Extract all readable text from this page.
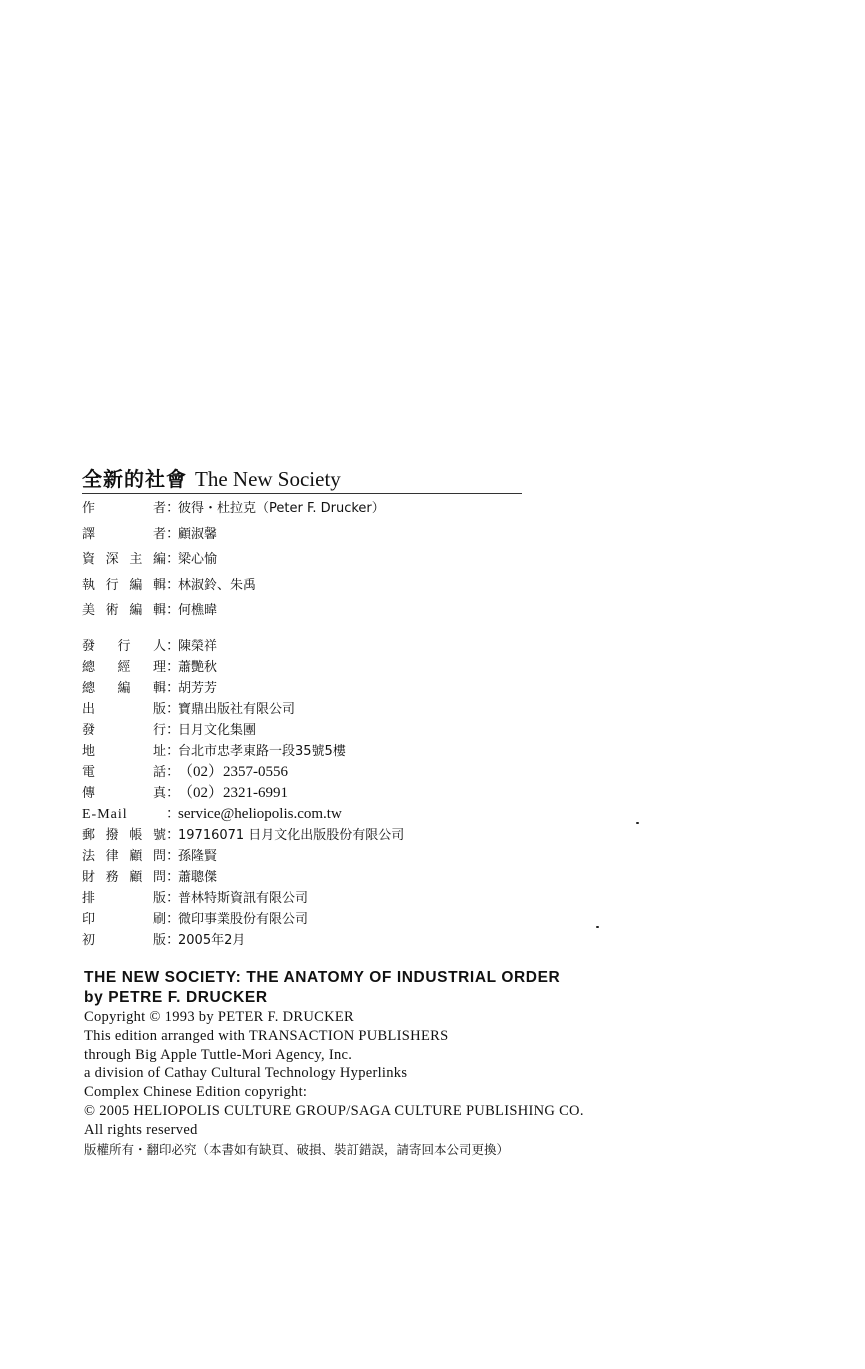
全新的社會 The New Society
作　　者：彼得・杜拉克（Peter F. Drucker）
譯　　者：顧淑馨
資深主編：梁心愉
執行編輯：林淑鈴、朱禹
美術編輯：何樵暐
發行人：陳榮祥
總經理：蕭艷秋
總編輯：胡芳芳
出版：寶鼎出版社有限公司
發行：日月文化集團
地址：台北市忠孝東路一段35號5樓
電話：（02）2357-0556
傳真：（02）2321-6991
E-Mail	：service@heliopolis.com.tw
郵撥帳號：19716071 日月文化出版股份有限公司
法律顧問：孫隆賢
財務顧問：蕭聰傑
排版：普林特斯資訊有限公司
印刷：微印事業股份有限公司
初版：2005年2月
THE NEW SOCIETY: THE ANATOMY OF INDUSTRIAL ORDER
by PETRE F. DRUCKER
Copyright © 1993 by PETER F. DRUCKER
This edition arranged with TRANSACTION PUBLISHERS
through Big Apple Tuttle-Mori Agency, Inc.
a division of Cathay Cultural Technology Hyperlinks
Complex Chinese Edition copyright:
© 2005 HELIOPOLIS CULTURE GROUP/SAGA CULTURE PUBLISHING CO.
All rights reserved
版權所有・翻印必究（本書如有缺頁、破損、裝訂錯誤，請寄回本公司更換）
